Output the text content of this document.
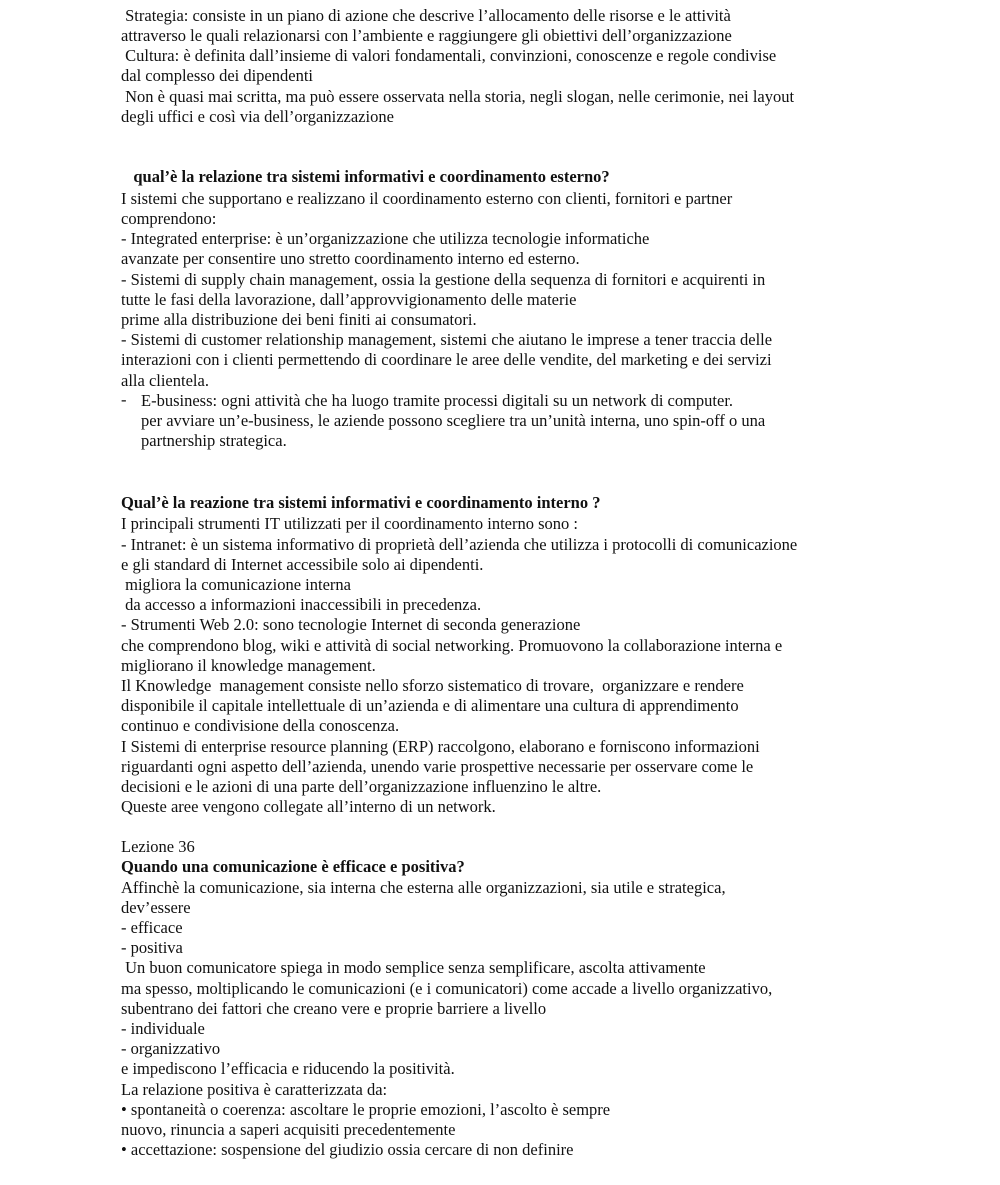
Strategia: consiste in un piano di azione che descrive l’allocamento delle risorse e le attività
attraverso le quali relazionarsi con l’ambiente e raggiungere gli obiettivi dell’organizzazione
Cultura: è definita dall’insieme di valori fondamentali, convinzioni, conoscenze e regole condivise
dal complesso dei dipendenti
Non è quasi mai scritta, ma può essere osservata nella storia, negli slogan, nelle cerimonie, nei layout
degli uffici e così via dell’organizzazione
qual’è la relazione tra sistemi informativi e coordinamento esterno?
I sistemi che supportano e realizzano il coordinamento esterno con clienti, fornitori e partner
comprendono:
- Integrated enterprise: è un’organizzazione che utilizza tecnologie informatiche
avanzate per consentire uno stretto coordinamento interno ed esterno.
- Sistemi di supply chain management, ossia la gestione della sequenza di fornitori e acquirenti in
tutte le fasi della lavorazione, dall’approvvigionamento delle materie
prime alla distribuzione dei beni finiti ai consumatori.
- Sistemi di customer relationship management, sistemi che aiutano le imprese a tener traccia delle
interazioni con i clienti permettendo di coordinare le aree delle vendite, del marketing e dei servizi
alla clientela.
- E-business: ogni attività che ha luogo tramite processi digitali su un network di computer.
per avviare un’e-business, le aziende possono scegliere tra un’unità interna, uno spin-off o una
partnership strategica.
Qual’è la reazione tra sistemi informativi e coordinamento interno ?
I principali strumenti IT utilizzati per il coordinamento interno sono :
- Intranet: è un sistema informativo di proprietà dell’azienda che utilizza i protocolli di comunicazione
e gli standard di Internet accessibile solo ai dipendenti.
migliora la comunicazione interna
da accesso a informazioni inaccessibili in precedenza.
- Strumenti Web 2.0: sono tecnologie Internet di seconda generazione
che comprendono blog, wiki e attività di social networking. Promuovono la collaborazione interna e
migliorano il knowledge management.
Il Knowledge  management consiste nello sforzo sistematico di trovare,  organizzare e rendere
disponibile il capitale intellettuale di un’azienda e di alimentare una cultura di apprendimento
continuo e condivisione della conoscenza.
I Sistemi di enterprise resource planning (ERP) raccolgono, elaborano e forniscono informazioni
riguardanti ogni aspetto dell’azienda, unendo varie prospettive necessarie per osservare come le
decisioni e le azioni di una parte dell’organizzazione influenzino le altre.
Queste aree vengono collegate all’interno di un network.
Lezione 36
Quando una comunicazione è efficace e positiva?
Affinchè la comunicazione, sia interna che esterna alle organizzazioni, sia utile e strategica,
dev’essere
- efficace
- positiva
Un buon comunicatore spiega in modo semplice senza semplificare, ascolta attivamente
ma spesso, moltiplicando le comunicazioni (e i comunicatori) come accade a livello organizzativo,
subentrano dei fattori che creano vere e proprie barriere a livello
- individuale
- organizzativo
e impediscono l’efficacia e riducendo la positività.
La relazione positiva è caratterizzata da:
• spontaneità o coerenza: ascoltare le proprie emozioni, l’ascolto è sempre
nuovo, rinuncia a saperi acquisiti precedentemente
• accettazione: sospensione del giudizio ossia cercare di non definire
